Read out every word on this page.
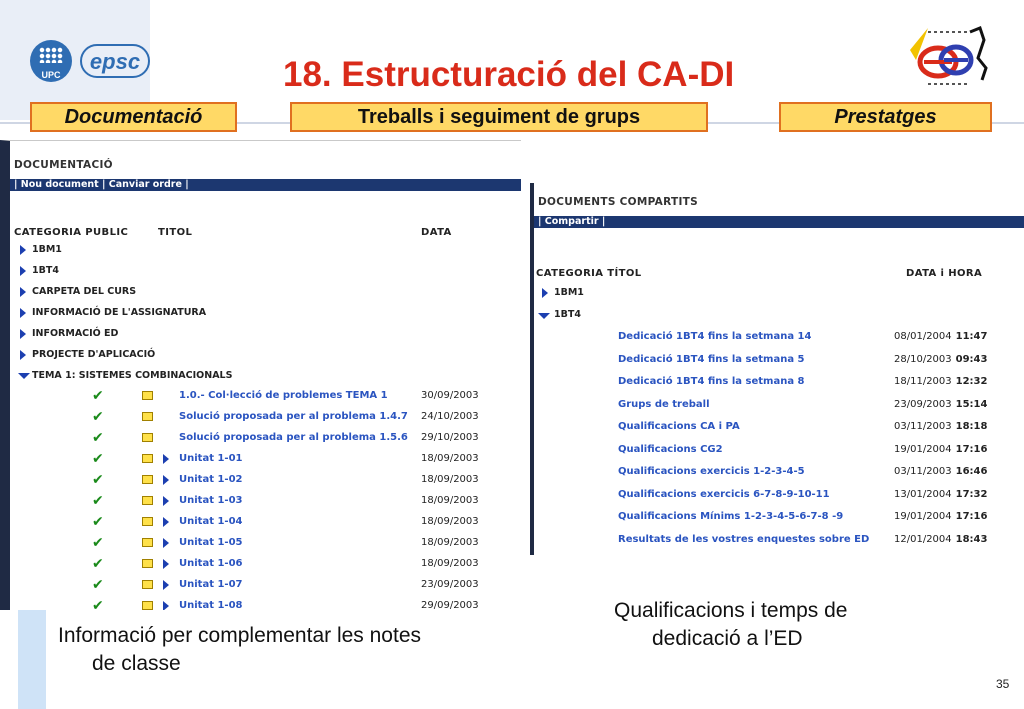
UPC
epsc	18. Estructuració del CA-DI
Documentació	Treballs i seguiment de grups	Prestatges
DOCUMENTACIÓ
| Nou document | Canviar ordre |
CATEGORIA PUBLIC	TITOL	DATA
1BM1
1BT4
CARPETA DEL CURS
INFORMACIÓ DE L'ASSIGNATURA
INFORMACIÓ ED
PROJECTE D'APLICACIÓ
TEMA 1: SISTEMES COMBINACIONALS
✔	1.0.- Col·lecció de problemes TEMA 1	30/09/2003
✔	Solució proposada per al problema 1.4.7 24/10/2003
✔	Solució proposada per al problema 1.5.6 29/10/2003
✔	Unitat 1-01	18/09/2003
✔	Unitat 1-02	18/09/2003
✔	Unitat 1-03	18/09/2003
✔	Unitat 1-04	18/09/2003
✔	Unitat 1-05	18/09/2003
✔	Unitat 1-06	18/09/2003
✔	Unitat 1-07	23/09/2003
✔	Unitat 1-08	29/09/2003
DOCUMENTS COMPARTITS
| Compartir |
CATEGORIA TÍTOL	DATA i HORA
1BM1
1BT4
Dedicació 1BT4 fins la setmana 14	08/01/2004 11:47
Dedicació 1BT4 fins la setmana 5	28/10/2003 09:43
Dedicació 1BT4 fins la setmana 8	18/11/2003 12:32
Grups de treball	23/09/2003 15:14
Qualificacions CA i PA	03/11/2003 18:18
Qualificacions CG2	19/01/2004 17:16
Qualificacions exercicis 1-2-3-4-5	03/11/2003 16:46
Qualificacions exercicis 6-7-8-9-10-11	13/01/2004 17:32
Qualificacions Mínims 1-2-3-4-5-6-7-8 -9	19/01/2004 17:16
Resultats de les vostres enquestes sobre ED 12/01/2004 18:43
Informació per complementar les notes
de classe
Qualificacions i temps de
dedicació a l’ED
35
